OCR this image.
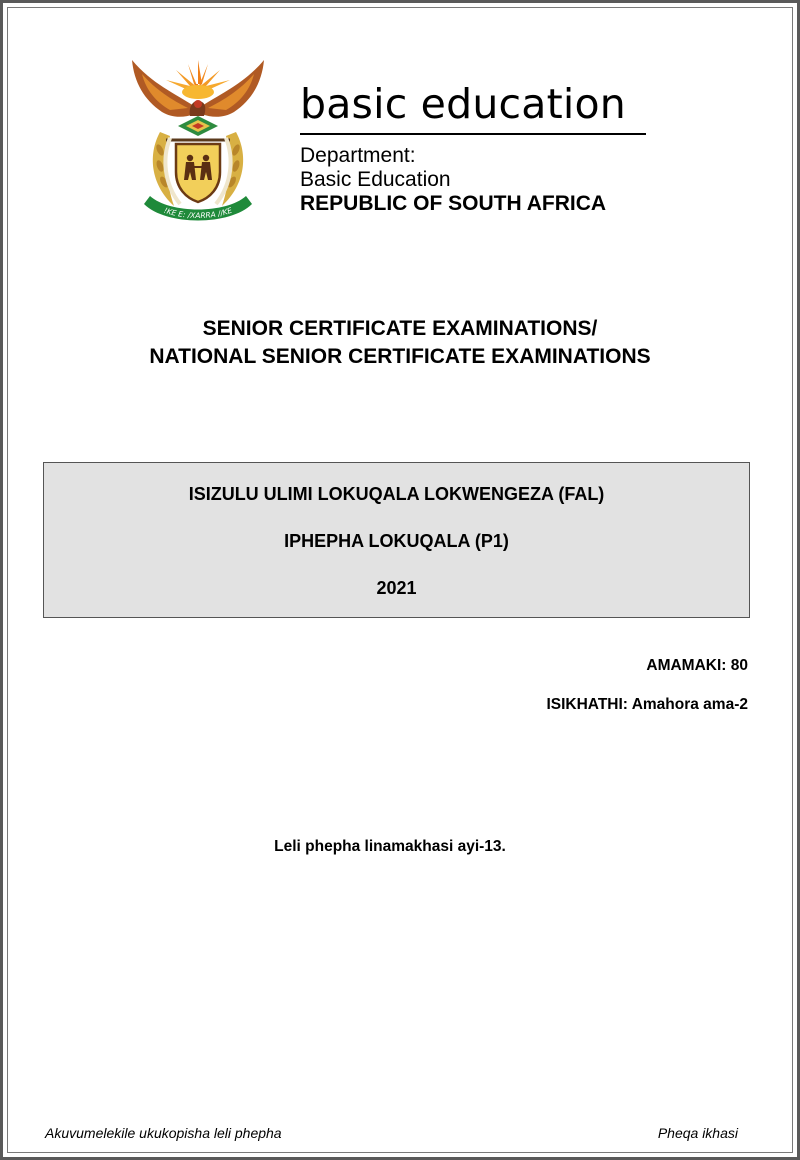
!KE E: /XARRA //KE
basic education
Department:
Basic Education
REPUBLIC OF SOUTH AFRICA
SENIOR CERTIFICATE EXAMINATIONS/
NATIONAL SENIOR CERTIFICATE EXAMINATIONS
ISIZULU ULIMI LOKUQALA LOKWENGEZA (FAL)
IPHEPHA LOKUQALA (P1)
2021
AMAMAKI: 80
ISIKHATHI: Amahora ama-2
Leli phepha linamakhasi ayi-13.
Akuvumelekile ukukopisha leli phepha	Pheqa ikhasi
